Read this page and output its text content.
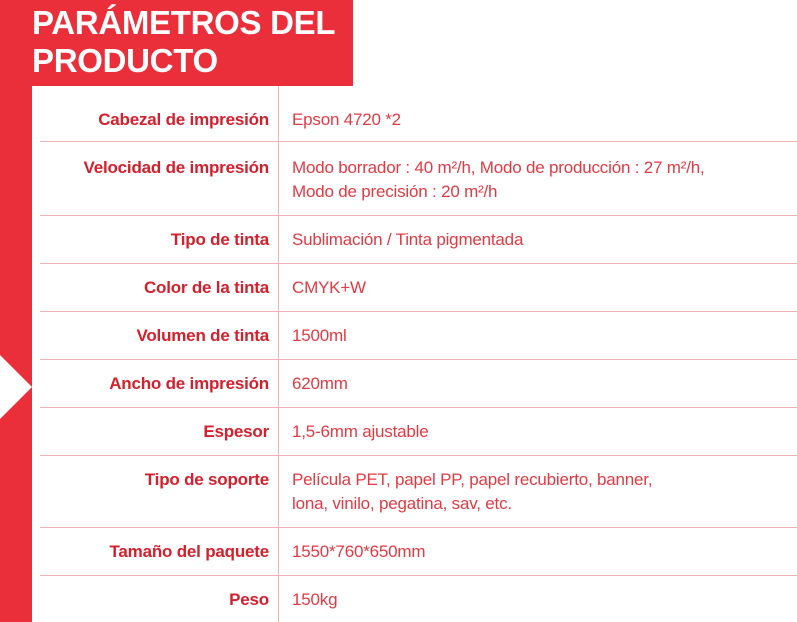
PARÁMETROS DEL
PRODUCTO
Cabezal de impresión	Epson 4720 *2
Velocidad de impresión	Modo borrador : 40 m²/h, Modo de producción : 27 m²/h,
Modo de precisión : 20 m²/h
Tipo de tinta	Sublimación / Tinta pigmentada
Color de la tinta	CMYK+W
Volumen de tinta	1500ml
Ancho de impresión	620mm
Espesor	1,5-6mm ajustable
Tipo de soporte	Película PET, papel PP, papel recubierto, banner,
lona, vinilo, pegatina, sav, etc.
Tamaño del paquete	1550*760*650mm
Peso	150kg
